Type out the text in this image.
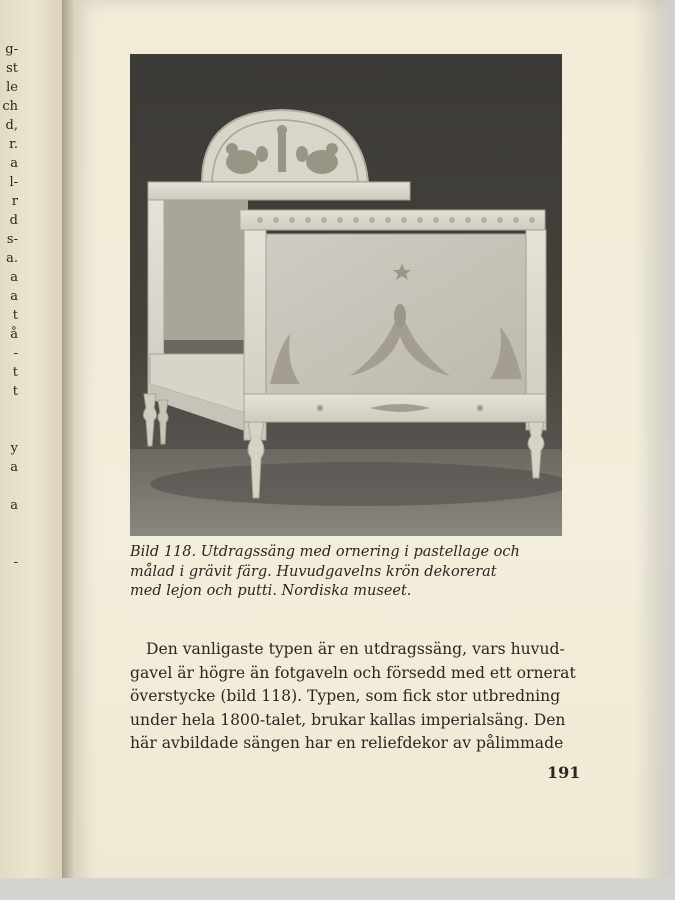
g-
st
le
ch
d,
r.
a
l-
r
d
s-
a.
a
a
t
å
-
t
t
y
a
a
-
Bild 118. Utdragssäng med ornering i pastellage och
målad i grävit färg. Huvudgavelns krön dekorerat
med lejon och putti. Nordiska museet.
Den vanligaste typen är en utdragssäng, vars huvud-
gavel är högre än fotgaveln och försedd med ett ornerat
överstycke (bild 118). Typen, som fick stor utbredning
under hela 1800-talet, brukar kallas imperialsäng. Den
här avbildade sängen har en reliefdekor av pålimmade
191
